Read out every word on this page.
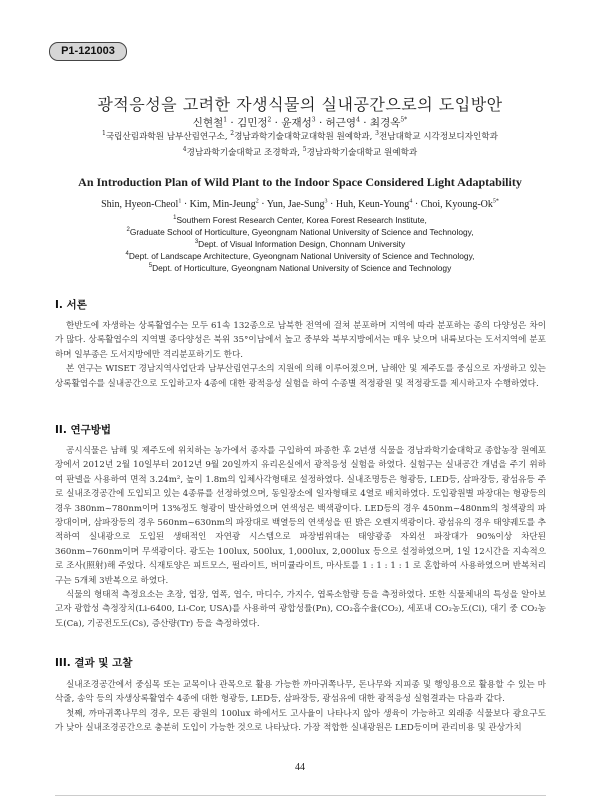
P1-121003
광적응성을 고려한 자생식물의 실내공간으로의 도입방안
신현철$^1$ · 김민정$^2$ · 윤재성$^3$ · 허근영$^4$ · 최경옥$^{5*}$
$^1$국립산림과학원 남부산림연구소, $^2$경남과학기술대학교대학원 원예학과, $^3$전남대학교 시각정보디자인학과
$^4$경남과학기술대학교 조경학과, $^5$경남과학기술대학교 원예학과
An Introduction Plan of Wild Plant to the Indoor Space Considered Light Adaptability
Shin, Hyeon-Cheol$^1$ · Kim, Min-Jeung$^2$ · Yun, Jae-Sung$^3$ · Huh, Keun-Young$^4$ · Choi, Kyoung-$Ok^{5*}$
$^1$Southern Forest Research Center, Korea Forest Research Institute,
$^2$Graduate School of Horticulture, Gyeongnam National University of Science and Technology,
$^3$Dept. of Visual Information Design, Chonnam University
$^4$Dept. of Landscape Architecture, Gyeongnam National University of Science and Technology,
$^5$Dept. of Horticulture, Gyeongnam National University of Science and Technology
I. 서론

한반도에 자생하는 상록활엽수는 모두 61속 132종으로 남북한 전역에 걸쳐 분포하며 지역에 따라 분포하는 종의 다양성은 차이가 많다. 상록활엽수의 지역별 종다양성은 북위 35°이남에서 높고 중부와 북부지방에서는 매우 낮으며 내륙보다는 도서지역에 분포하며 일부종은 도서지방에만 격리분포하기도 한다.

본 연구는 WISET 경남지역사업단과 남부산림연구소의 지원에 의해 이루어졌으며, 남해안 및 제주도를 중심으로 자생하고 있는 상록활엽수를 실내공간으로 도입하고자 4종에 대한 광적응성 실험을 하여 수종별 적정광원 및 적정광도를 제시하고자 수행하였다.

II. 연구방법

공시식물은 남해 및 제주도에 위치하는 농가에서 종자를 구입하여 파종한 후 2년생 식물을 경남과학기술대학교 종합농장 원예포장에서 2012년 2월 10일부터 2012년 9월 20일까지 유리온실에서 광적응성 실험을 하였다. 실험구는 실내공간 개념을 주기 위하여 판넬을 사용하여 면적 3.24m², 높이 1.8m의 입체사각형태로 설정하였다. 실내조명등은 형광등, LED등, 삼파장등, 광섬유등 주로 실내조경공간에 도입되고 있는 4종류를 선정하였으며, 동일장소에 일자형태로 4열로 배치하였다. 도입광원별 파장대는 형광등의 경우 380nm~780nm이며 13%정도 형광이 발산하였으며 연색성은 백색광이다. LED등의 경우 450nm~480nm의 청색광의 파장대이며, 삼파장등의 경우 560nm~630nm의 파장대로 백열등의 연색성을 띤 밝은 오렌지색광이다. 광섬유의 경우 태양궤도를 추적하여 실내광으로 도입된 생태적인 자연광 시스템으로 파장범위대는 태양광종 자외선 파장대가 90%이상 차단된 360nm~760nm이며 무색광이다. 광도는 100lux, 500lux, 1,000lux, 2,000lux 등으로 설정하였으며, 1일 12시간을 지속적으로 조사(照射)해 주었다. 식재토양은 피트모스, 펄라이트, 버미큘라이트, 마사토를 1 : 1 : 1 : 1 로 혼합하여 사용하였으며 반복처리구는 5개체 3반복으로 하였다.

식물의 형태적 측정요소는 초장, 엽장, 엽폭, 엽수, 마디수, 가지수, 엽록소함량 등을 측정하였다. 또한 식물체내의 특성을 알아보고자 광합성 측정장치(Li-6400, Li-Cor, USA)를 사용하여 광합성률(Pn), CO₂흡수율(CO₂), 세포내 CO₂농도(Ci), 대기 중 CO₂농도(Ca), 기공전도도(Cs), 증산량(Tr) 등을 측정하였다.

III. 결과 및 고찰

실내조경공간에서 중심목 또는 교목이나 관목으로 활용 가능한 까마귀쪽나무, 돈나무와 지피종 및 행잉용으로 활용할 수 있는 마삭줄, 송악 등의 자생상록활엽수 4종에 대한 형광등, LED등, 삼파장등, 광섬유에 대한 광적응성 실험결과는 다음과 같다.

첫째, 까마귀쪽나무의 경우, 모든 광원의 100lux 하에서도 고사율이 나타나지 않아 생육이 가능하고 외래종 식물보다 광요구도가 낮아 실내조경공간으로 충분히 도입이 가능한 것으로 나타났다. 가장 적합한 실내광원은 LED등이며 관리비용 및 관상가치

44
